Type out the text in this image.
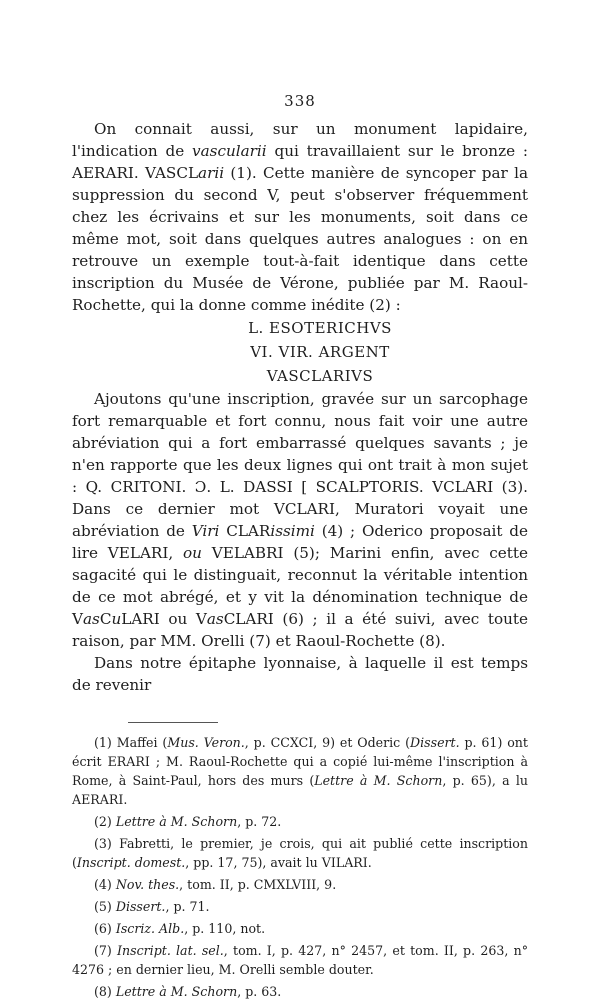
338

On connait aussi, sur un monument lapidaire, l'indication de vascularii qui travaillaient sur le bronze : AERARI. VASCLarii (1). Cette manière de syncoper par la suppression du second V, peut s'observer fréquemment chez les écrivains et sur les monuments, soit dans ce même mot, soit dans quelques autres analogues : on en retrouve un exemple tout-à-fait identique dans cette inscription du Musée de Vérone, publiée par M. Raoul-Rochette, qui la donne comme inédite (2) :

L. ESOTERICHVS
VI. VIR. ARGENT
VASCLARIVS

Ajoutons qu'une inscription, gravée sur un sarcophage fort remarquable et fort connu, nous fait voir une autre abréviation qui a fort embarrassé quelques savants ; je n'en rapporte que les deux lignes qui ont trait à mon sujet : Q. CRITONI. Ɔ. L. DASSI [ SCALPTORIS. VCLARI (3). Dans ce dernier mot VCLARI, Muratori voyait une abréviation de Viri CLARissimi (4) ; Oderico proposait de lire VELARI, ou VELABRI (5); Marini enfin, avec cette sagacité qui le distinguait, reconnut la véritable intention de ce mot abrégé, et y vit la dénomination technique de VasCuLARI ou VasCLARI (6) ; il a été suivi, avec toute raison, par MM. Orelli (7) et Raoul-Rochette (8).

Dans notre épitaphe lyonnaise, à laquelle il est temps de revenir

(1) Maffei (Mus. Veron., p. CCXCI, 9) et Oderic (Dissert. p. 61) ont écrit ERARI ; M. Raoul-Rochette qui a copié lui-même l'inscription à Rome, à Saint-Paul, hors des murs (Lettre à M. Schorn, p. 65), a lu AERARI.
(2) Lettre à M. Schorn, p. 72.
(3) Fabretti, le premier, je crois, qui ait publié cette inscription (Inscript. domest., pp. 17, 75), avait lu VILARI.
(4) Nov. thes., tom. II, p. CMXLVIII, 9.
(5) Dissert., p. 71.
(6) Iscriz. Alb., p. 110, not.
(7) Inscript. lat. sel., tom. I, p. 427, n° 2457, et tom. II, p. 263, n° 4276 ; en dernier lieu, M. Orelli semble douter.
(8) Lettre à M. Schorn, p. 63.
